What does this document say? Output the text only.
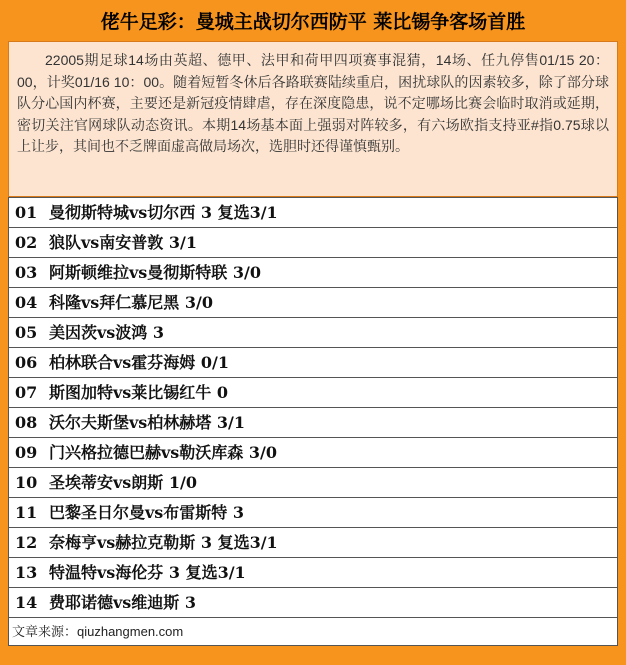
佬牛足彩：曼城主战切尔西防平 莱比锡争客场首胜
22005期足球14场由英超、德甲、法甲和荷甲四项赛事混猜，14场、任九停售01/15 20：00，计奖01/16 10：00。随着短暂冬休后各路联赛陆续重启，困扰球队的因素较多，除了部分球队分心国内杯赛，主要还是新冠疫情肆虐，存在深度隐患，说不定哪场比赛会临时取消或延期，密切关注官网球队动态资讯。本期14场基本面上强弱对阵较多，有六场欧指支持亚#指0.75球以上让步，其间也不乏牌面虚高做局场次，选胆时还得谨慎甄别。
01 曼彻斯特城vs切尔西 3 复选3/1
02 狼队vs南安普敦 3/1
03 阿斯顿维拉vs曼彻斯特联 3/0
04 科隆vs拜仁慕尼黑 3/0
05 美因茨vs波鸿 3
06 柏林联合vs霍芬海姆 0/1
07 斯图加特vs莱比锡红牛 0
08 沃尔夫斯堡vs柏林赫塔 3/1
09 门兴格拉德巴赫vs勒沃库森 3/0
10 圣埃蒂安vs朗斯 1/0
11 巴黎圣日尔曼vs布雷斯特 3
12 奈梅亨vs赫拉克勒斯 3 复选3/1
13 特温特vs海伦芬 3 复选3/1
14 费耶诺德vs维迪斯 3
文章来源：qiuzhangmen.com
